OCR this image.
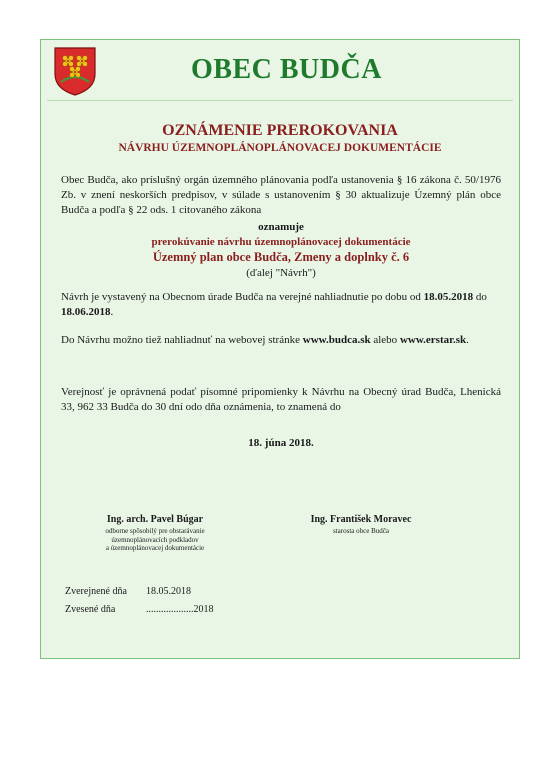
OBEC BUDČA
OZNÁMENIE PREROKOVANIA
NÁVRHU ÚZEMNOPLÁNOPLÁNOVACEJ DOKUMENTÁCIE
Obec Budča, ako príslušný orgán územného plánovania podľa ustanovenia § 16 zákona č. 50/1976 Zb. v znení neskorších predpisov, v súlade s ustanovením § 30 aktualizuje Územný plán obce Budča a podľa § 22 ods. 1 citovaného zákona
oznamuje
prerokúvanie návrhu územnoplánovacej dokumentácie
Územný plan obce Budča, Zmeny a doplnky č. 6
(ďalej "Návrh")
Návrh je vystavený na Obecnom úrade Budča na verejné nahliadnutie po dobu od 18.05.2018 do 18.06.2018.
Do Návrhu možno tiež nahliadnuť na webovej stránke www.budca.sk alebo www.erstar.sk.
Verejnosť je oprávnená podať písomné pripomienky k Návrhu na Obecný úrad Budča, Lhenická 33, 962 33 Budča do 30 dní odo dňa oznámenia, to znamená do
18. júna 2018.
Ing. arch. Pavel Búgar
odborne spôsobilý pre obstarávanie
územnoplánovacích podkladov
a územnoplánovacej dokumentácie
Ing. František Moravec
starosta obce Budča
Zverejnené dňa 18.05.2018
Zvesené dňa	...................2018
